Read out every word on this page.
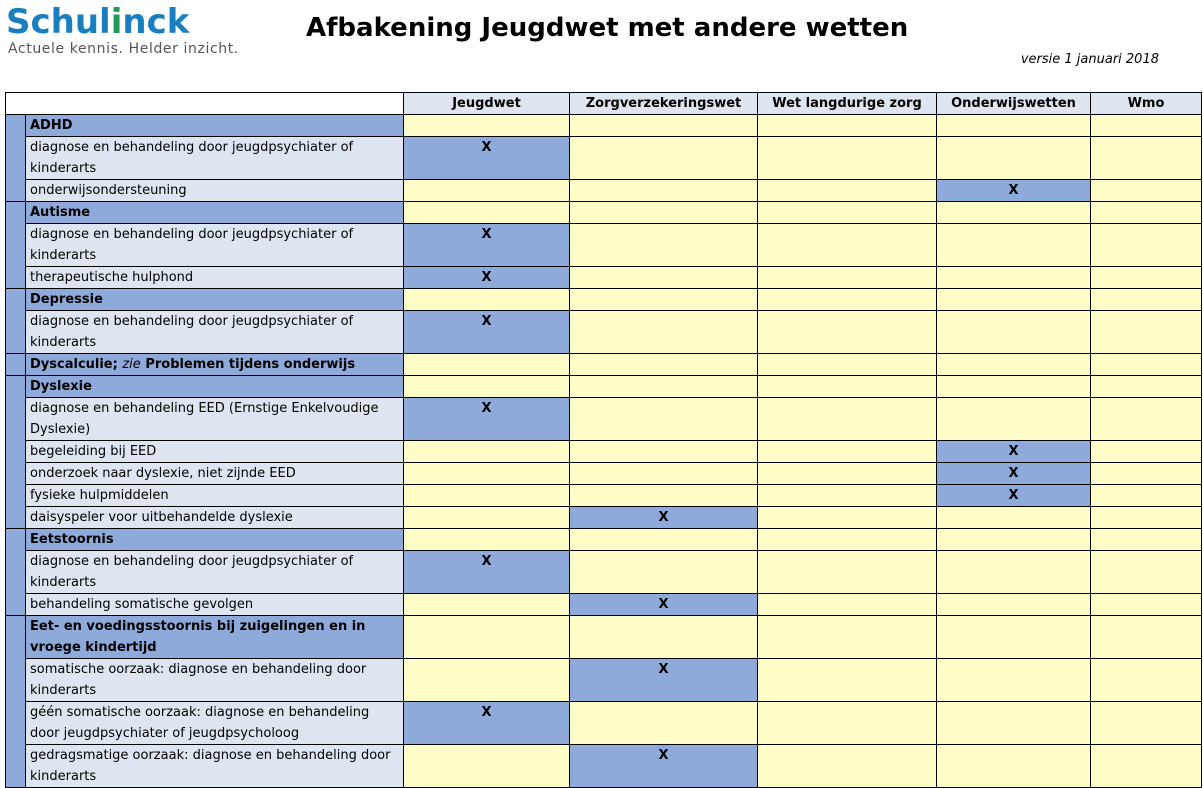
Schulinck
Actuele kennis. Helder inzicht.
Afbakening Jeugdwet met andere wetten
versie 1 januari 2018
		Jeugdwet	Zorgverzekeringswet	Wet langdurige zorg	Onderwijswetten	Wmo
	ADHD					
	diagnose en behandeling door jeugdpsychiater of kinderarts	X				
	onderwijsondersteuning				X	
	Autisme					
	diagnose en behandeling door jeugdpsychiater of kinderarts	X				
	therapeutische hulphond	X				
	Depressie					
	diagnose en behandeling door jeugdpsychiater of kinderarts	X				
	Dyscalculie; zie Problemen tijdens onderwijs					
	Dyslexie					
	diagnose en behandeling EED (Ernstige Enkelvoudige Dyslexie)	X				
	begeleiding bij EED				X	
	onderzoek naar dyslexie, niet zijnde EED				X	
	fysieke hulpmiddelen				X	
	daisyspeler voor uitbehandelde dyslexie		X			
	Eetstoornis					
	diagnose en behandeling door jeugdpsychiater of kinderarts	X				
	behandeling somatische gevolgen		X			
	Eet- en voedingsstoornis bij zuigelingen en in vroege kindertijd					
	somatische oorzaak: diagnose en behandeling door kinderarts		X			
	géén somatische oorzaak: diagnose en behandeling door jeugdpsychiater of jeugdpsycholoog	X				
	gedragsmatige oorzaak: diagnose en behandeling door kinderarts		X			
